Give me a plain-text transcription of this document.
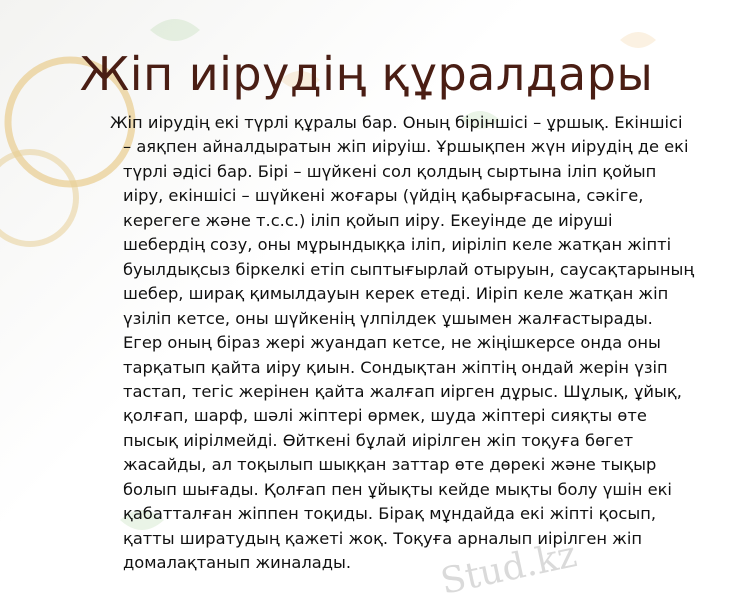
Stud.kz
Жіп иірудің құралдары
Жіп иірудің екі түрлі құралы бар. Оның біріншісі – ұршық. Екіншісі
– аяқпен айналдыратын жіп иіруіш. Ұршықпен жүн иірудің де екі
түрлі әдісі бар. Бірі – шүйкені сол қолдың сыртына іліп қойып
иіру, екіншісі – шүйкені жоғары (үйдің қабырғасына, сәкіге,
керегеге және т.с.с.) іліп қойып иіру. Екеуінде де иіруші
шебердің созу, оны мұрындыққа іліп, иіріліп келе жатқан жіпті
буылдықсыз біркелкі етіп сыптығырлай отыруын, саусақтарының
шебер, ширақ қимылдауын керек етеді. Иіріп келе жатқан жіп
үзіліп кетсе, оны шүйкенің үлпілдек ұшымен жалғастырады.
Егер оның біраз жері жуандап кетсе, не жіңішкерсе онда оны
тарқатып қайта иіру қиын. Сондықтан жіптің ондай жерін үзіп
тастап, тегіс жерінен қайта жалғап иірген дұрыс. Шұлық, ұйық,
қолғап, шарф, шәлі жіптері өрмек, шуда жіптері сияқты өте
пысық иірілмейді. Өйткені бұлай иірілген жіп тоқуға бөгет
жасайды, ал тоқылып шыққан заттар өте дөрекі және тықыр
болып шығады. Қолғап пен ұйықты кейде мықты болу үшін екі
қабатталған жіппен тоқиды. Бірақ мұндайда екі жіпті қосып,
қатты ширатудың қажеті жоқ. Тоқуға арналып иірілген жіп
домалақтанып жиналады.
